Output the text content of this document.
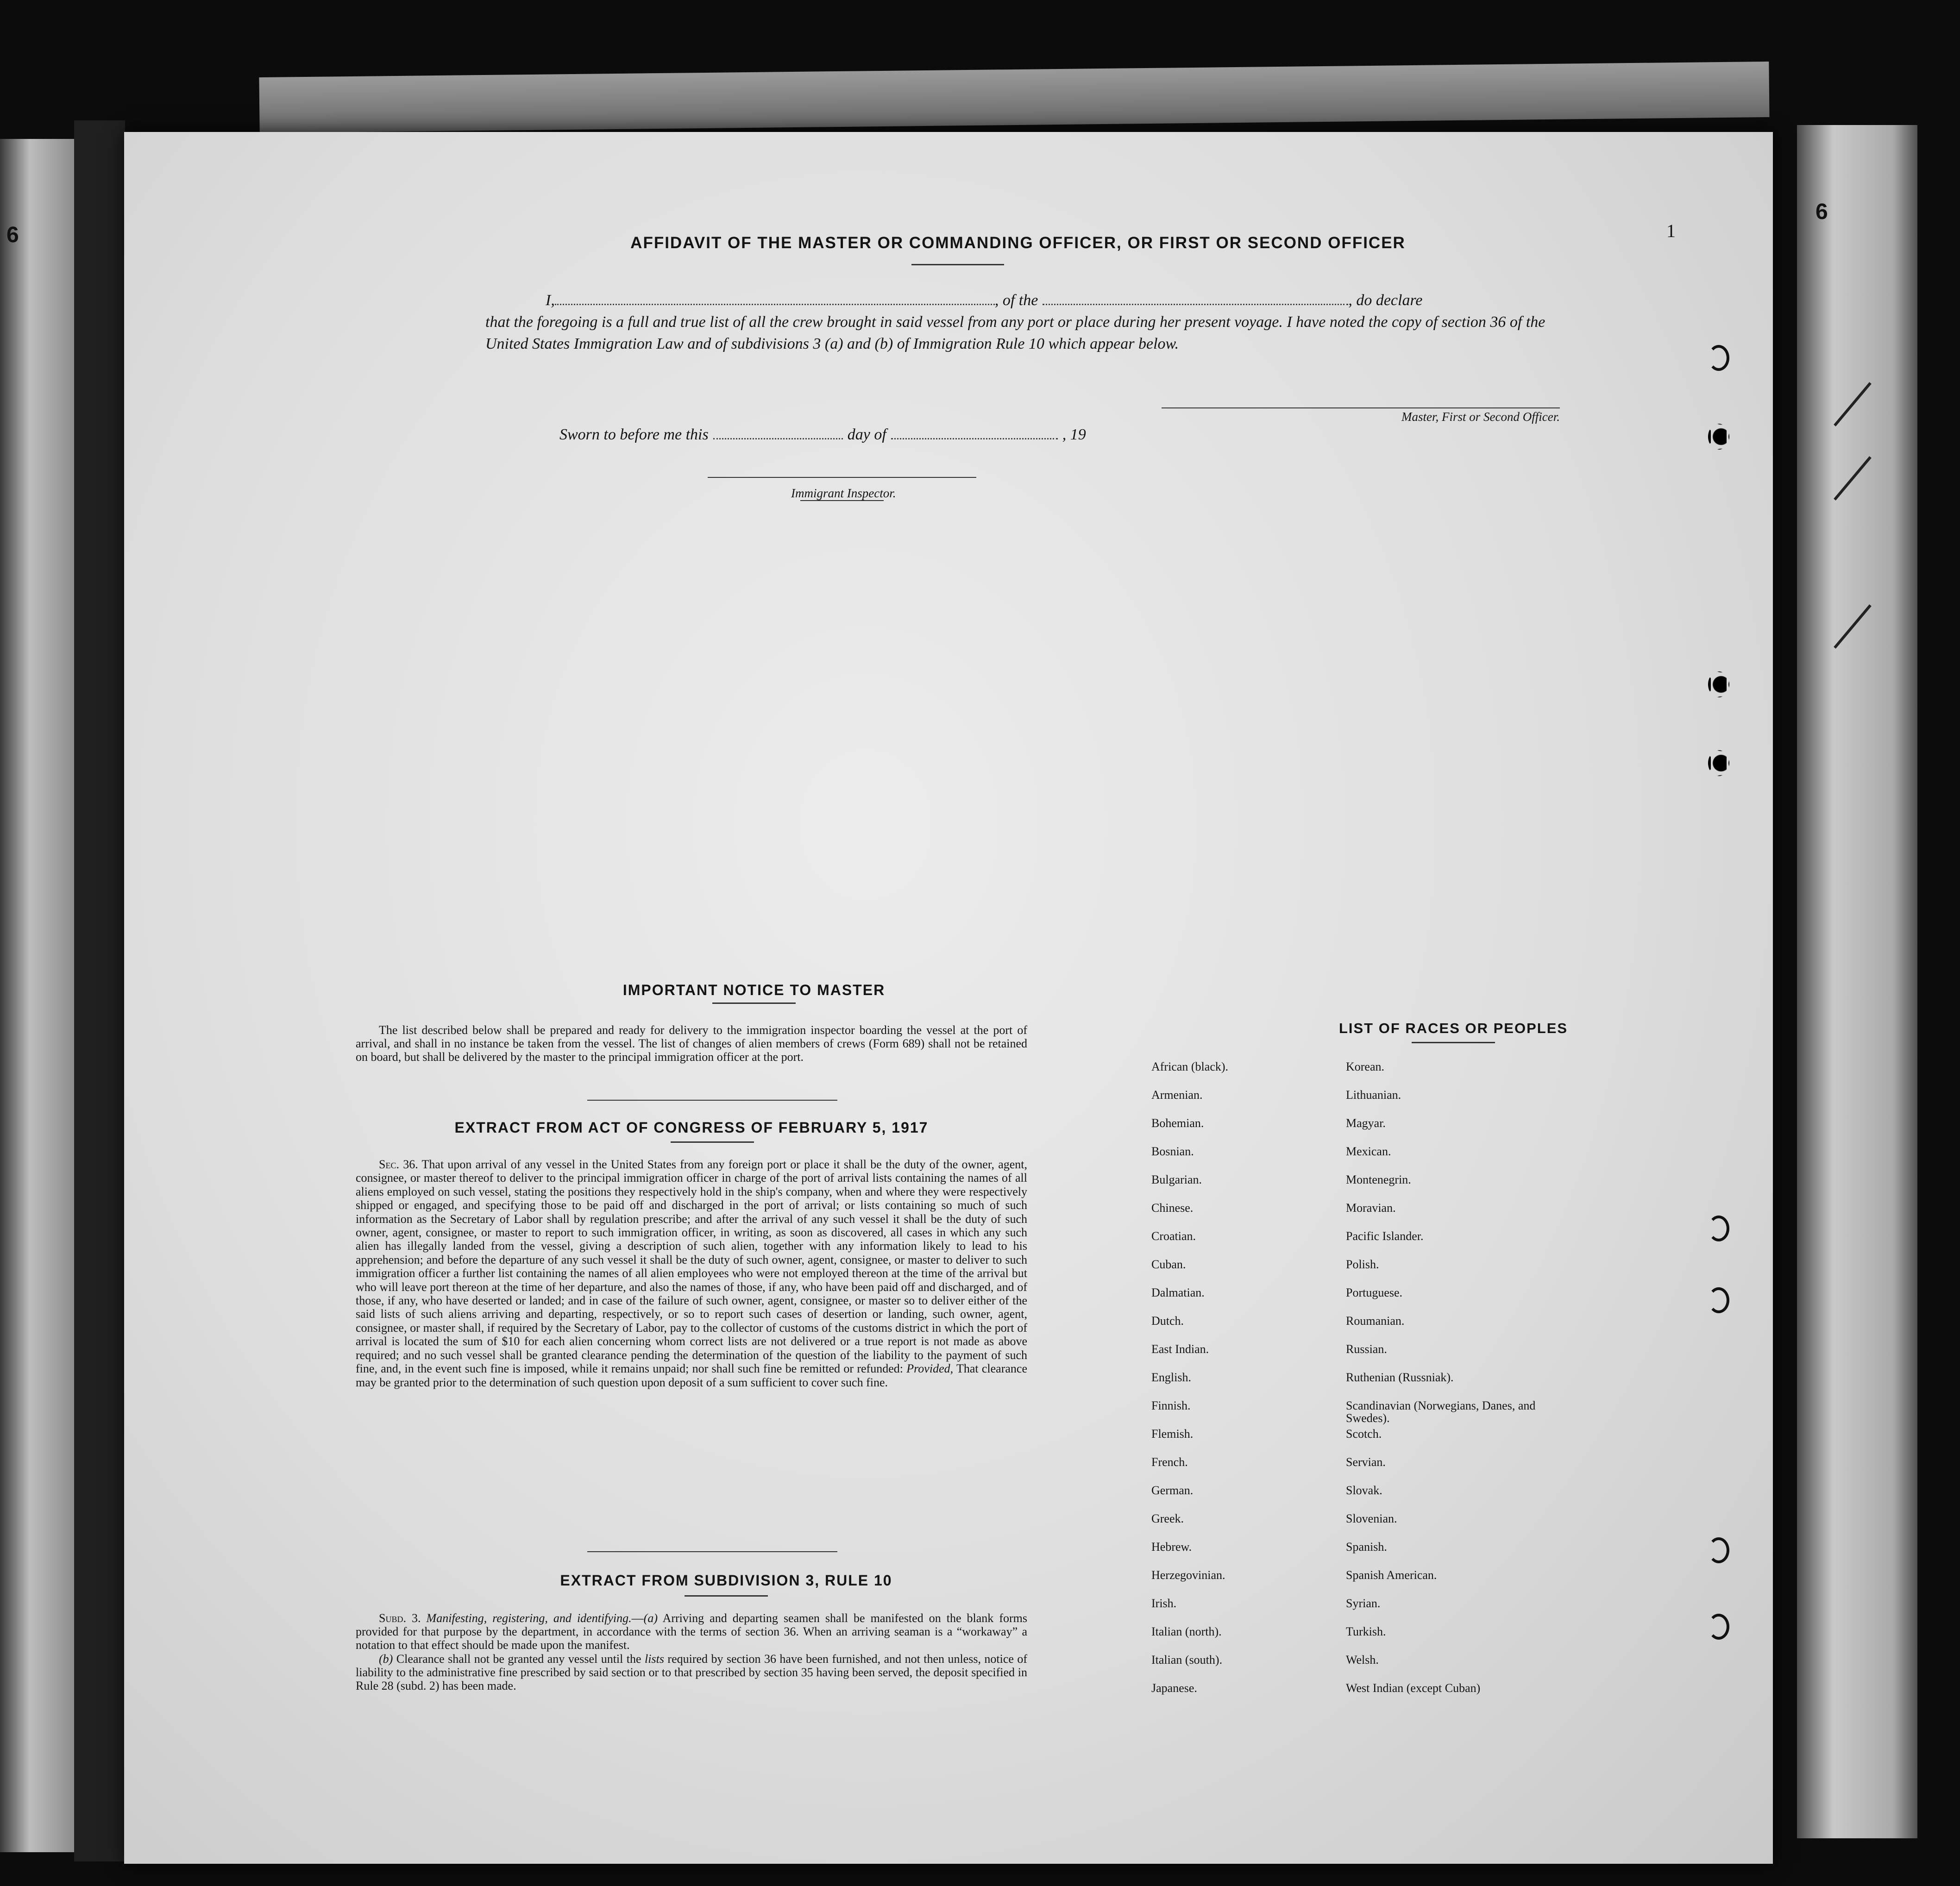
6
6
1
AFFIDAVIT OF THE MASTER OR COMMANDING OFFICER, OR FIRST OR SECOND OFFICER
I,	, of the	, do declare
that the foregoing is a full and true list of all the crew brought in said vessel from any port or place during her present voyage. I have noted the copy of section 36 of the United States Immigration Law and of subdivisions 3 (a) and (b) of Immigration Rule 10 which appear below.
Master, First or Second Officer.
Sworn to before me this	day of	, 19
Immigrant Inspector.
IMPORTANT NOTICE TO MASTER
The list described below shall be prepared and ready for delivery to the immigration inspector boarding the vessel at the port of arrival, and shall in no instance be taken from the vessel. The list of changes of alien members of crews (Form 689) shall not be retained on board, but shall be delivered by the master to the principal immigration officer at the port.
EXTRACT FROM ACT OF CONGRESS OF FEBRUARY 5, 1917
Sec. 36. That upon arrival of any vessel in the United States from any foreign port or place it shall be the duty of the owner, agent, consignee, or master thereof to deliver to the principal immigration officer in charge of the port of arrival lists containing the names of all aliens employed on such vessel, stating the positions they respectively hold in the ship's company, when and where they were respectively shipped or engaged, and specifying those to be paid off and discharged in the port of arrival; or lists containing so much of such information as the Secretary of Labor shall by regulation prescribe; and after the arrival of any such vessel it shall be the duty of such owner, agent, consignee, or master to report to such immigration officer, in writing, as soon as discovered, all cases in which any such alien has illegally landed from the vessel, giving a description of such alien, together with any information likely to lead to his apprehension; and before the departure of any such vessel it shall be the duty of such owner, agent, consignee, or master to deliver to such immigration officer a further list containing the names of all alien employees who were not employed thereon at the time of the arrival but who will leave port thereon at the time of her departure, and also the names of those, if any, who have been paid off and discharged, and of those, if any, who have deserted or landed; and in case of the failure of such owner, agent, consignee, or master so to deliver either of the said lists of such aliens arriving and departing, respectively, or so to report such cases of desertion or landing, such owner, agent, consignee, or master shall, if required by the Secretary of Labor, pay to the collector of customs of the customs district in which the port of arrival is located the sum of $10 for each alien concerning whom correct lists are not delivered or a true report is not made as above required; and no such vessel shall be granted clearance pending the determination of the question of the liability to the payment of such fine, and, in the event such fine is imposed, while it remains unpaid; nor shall such fine be remitted or refunded: Provided, That clearance may be granted prior to the determination of such question upon deposit of a sum sufficient to cover such fine.
EXTRACT FROM SUBDIVISION 3, RULE 10

Subd. 3. Manifesting, registering, and identifying.—(a) Arriving and departing seamen shall be manifested on the blank forms provided for that purpose by the department, in accordance with the terms of section 36. When an arriving seaman is a “workaway” a notation to that effect should be made upon the manifest.

(b) Clearance shall not be granted any vessel until the lists required by section 36 have been furnished, and not then unless, notice of liability to the administrative fine prescribed by said section or to that prescribed by section 35 having been served, the deposit specified in Rule 28 (subd. 2) has been made.

LIST OF RACES OR PEOPLES
African (black).	Korean.
Armenian.	Lithuanian.
Bohemian.	Magyar.
Bosnian.	Mexican.
Bulgarian.	Montenegrin.
Chinese.	Moravian.
Croatian.	Pacific Islander.
Cuban.	Polish.
Dalmatian.	Portuguese.
Dutch.	Roumanian.
East Indian.	Russian.
English.	Ruthenian (Russniak).
Finnish.	Scandinavian (Norwegians, Danes, and Swedes).
Flemish.	Scotch.
French.	Servian.
German.	Slovak.
Greek.	Slovenian.
Hebrew.	Spanish.
Herzegovinian.	Spanish American.
Irish.	Syrian.
Italian (north).	Turkish.
Italian (south).	Welsh.
Japanese.	West Indian (except Cuban)
